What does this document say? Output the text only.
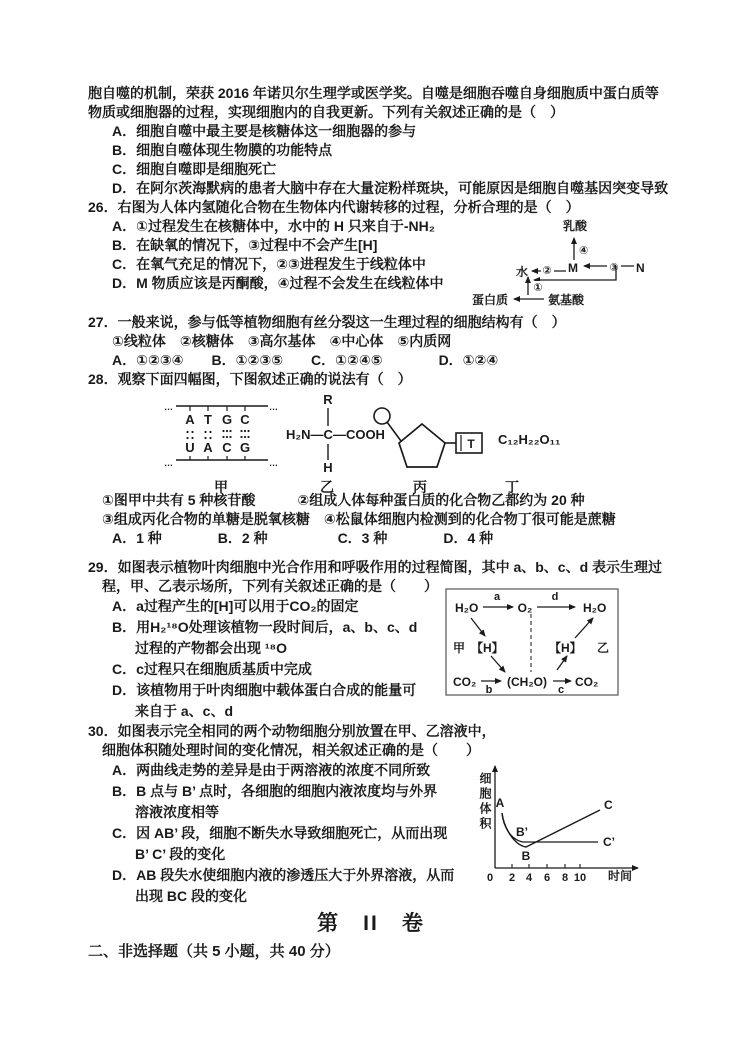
胞自噬的机制，荣获 2016 年诺贝尔生理学或医学奖。自噬是细胞吞噬自身细胞质中蛋白质等
物质或细胞器的过程，实现细胞内的自我更新。下列有关叙述正确的是（　）
A．细胞自噬中最主要是核糖体这一细胞器的参与
B．细胞自噬体现生物膜的功能特点
C．细胞自噬即是细胞死亡
D．在阿尔茨海默病的患者大脑中存在大量淀粉样斑块，可能原因是细胞自噬基因突变导致
26．右图为人体内氢随化合物在生物体内代谢转移的过程，分析合理的是（　）
A．①过程发生在核糖体中，水中的 H 只来自于-NH₂
B．在缺氧的情况下，③过程中不会产生[H]
C．在氧气充足的情况下，②③进程发生于线粒体中
D．M 物质应该是丙酮酸，④过程不会发生在线粒体中
27．一般来说，参与低等植物细胞有丝分裂这一生理过程的细胞结构有（　）
①线粒体　②核糖体　③高尔基体　④中心体　⑤内质网
A．①②③④　　B．①②③⑤　　C．①②④⑤　　　　D．①②④
28．观察下面四幅图，下图叙述正确的说法有（　）
①图甲中共有 5 种核苷酸　　　②组成人体每种蛋白质的化合物乙都约为 20 种
③组成丙化合物的单糖是脱氧核糖　④松鼠体细胞内检测到的化合物丁很可能是蔗糖
A．1 种　　　　B．2 种　　　　　C．3 种　　　　D．4 种
29．如图表示植物叶肉细胞中光合作用和呼吸作用的过程简图，其中 a、b、c、d 表示生理过
程，甲、乙表示场所，下列有关叙述正确的是（　　）
A．a过程产生的[H]可以用于CO₂的固定
B．用H₂¹⁸O处理该植物一段时间后，a、b、c、d
过程的产物都会出现 ¹⁸O
C．c过程只在细胞质基质中完成
D．该植物用于叶肉细胞中载体蛋白合成的能量可
来自于 a、c、d
30．如图表示完全相同的两个动物细胞分别放置在甲、乙溶液中，
细胞体积随处理时间的变化情况，相关叙述正确的是（　　）
A．两曲线走势的差异是由于两溶液的浓度不同所致
B．B 点与 B’ 点时，各细胞的细胞内液浓度均与外界
溶液浓度相等
C．因 AB’ 段，细胞不断失水导致细胞死亡，从而出现
B’ C’ 段的变化
D．AB 段失水使细胞内液的渗透压大于外界溶液，从而
出现 BC 段的变化
第　II　卷
二、非选择题（共 5 小题，共 40 分）
乳酸
④
M	N
③
水 ②
蛋白质	氨基酸
①
…	…
A T G C
U A C G
…	…
甲
R
H₂N—C—COOH
H
乙
T
丙
C₁₂H₂₂O₁₁
丁
H₂O
a
O₂
d
H₂O
甲 【H】	【H】 乙
CO₂
b
(CH₂O)
c
CO₂
细胞体积
0 2 4 6 8 10 时间
A
B
B’
C
C’
